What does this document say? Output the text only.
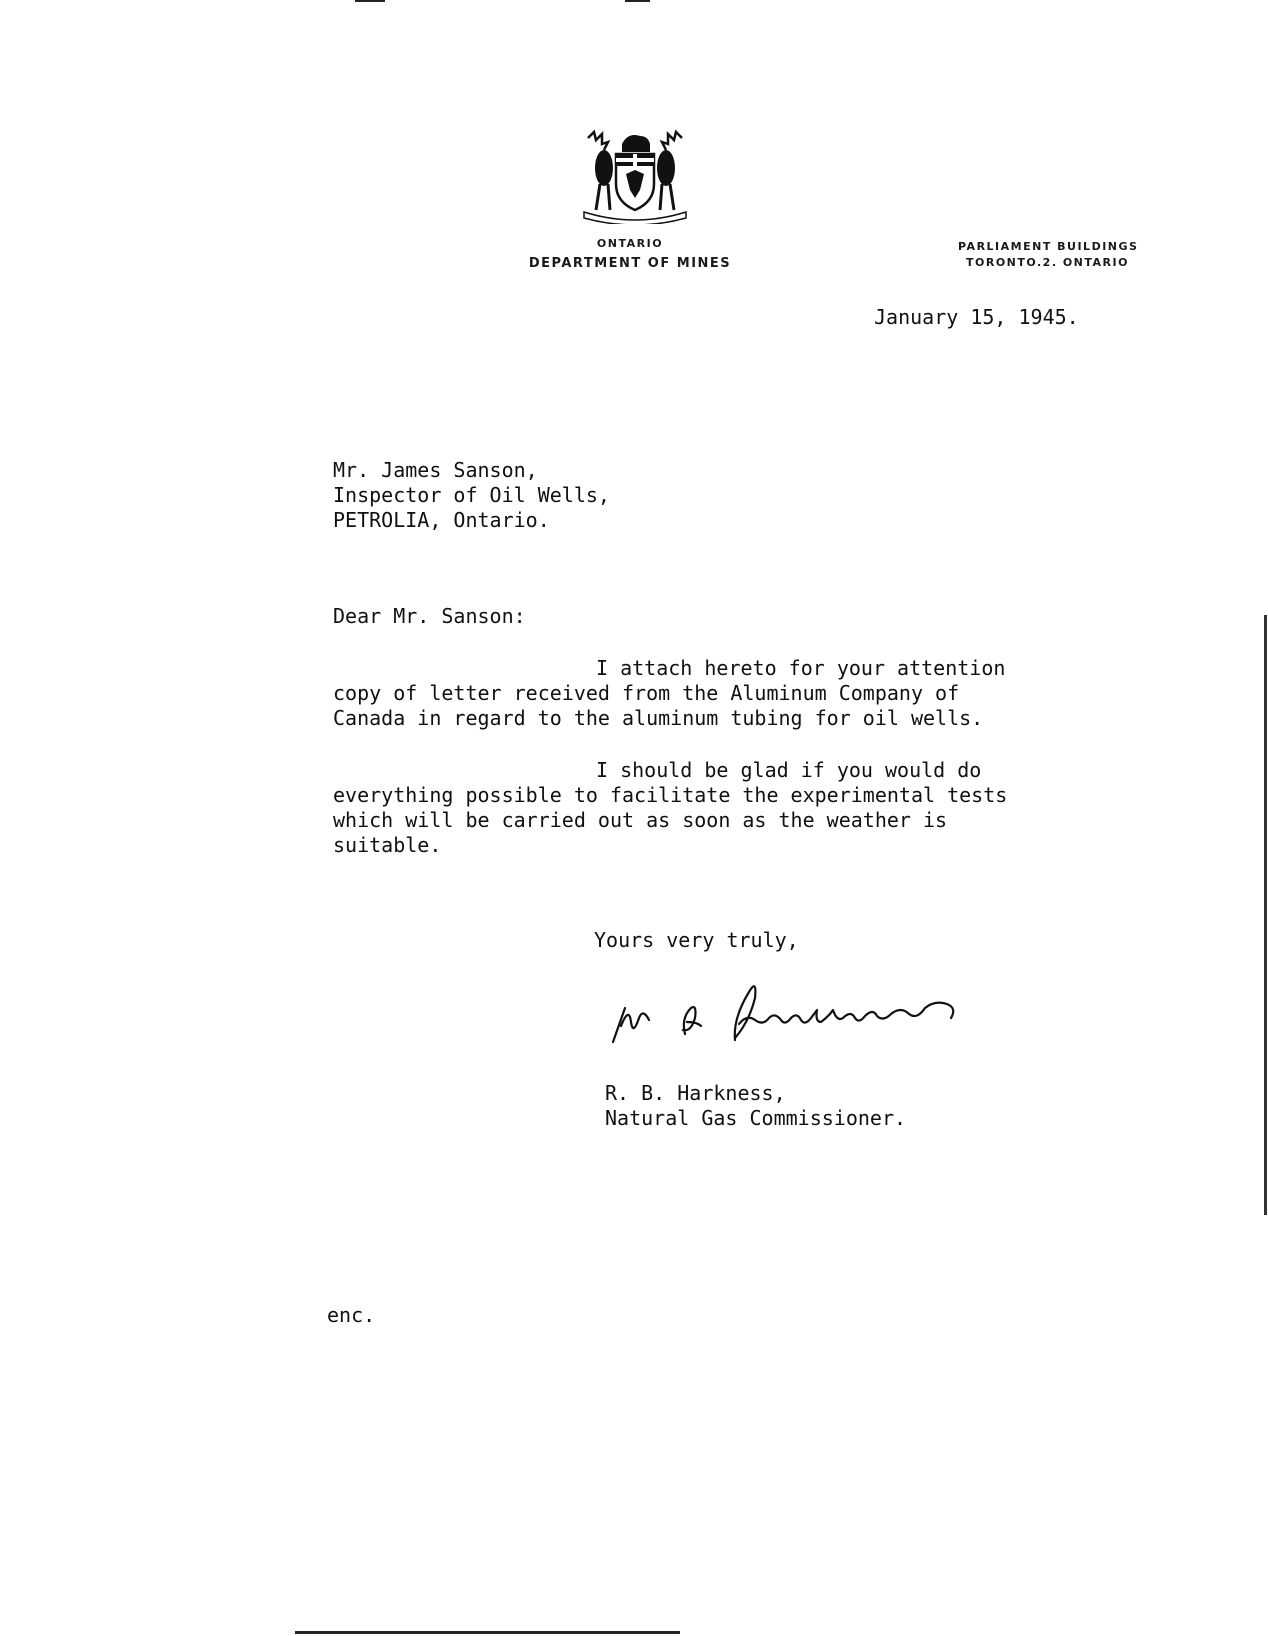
ONTARIO
DEPARTMENT OF MINES
PARLIAMENT BUILDINGS
TORONTO.2. ONTARIO
January 15, 1945.
Mr. James Sanson,
Inspector of Oil Wells,
PETROLIA, Ontario.
Dear Mr. Sanson:
I attach hereto for your attention
copy of letter received from the Aluminum Company of
Canada in regard to the aluminum tubing for oil wells.
I should be glad if you would do
everything possible to facilitate the experimental tests
which will be carried out as soon as the weather is
suitable.
Yours very truly,
R. B. Harkness,
Natural Gas Commissioner.
enc.
